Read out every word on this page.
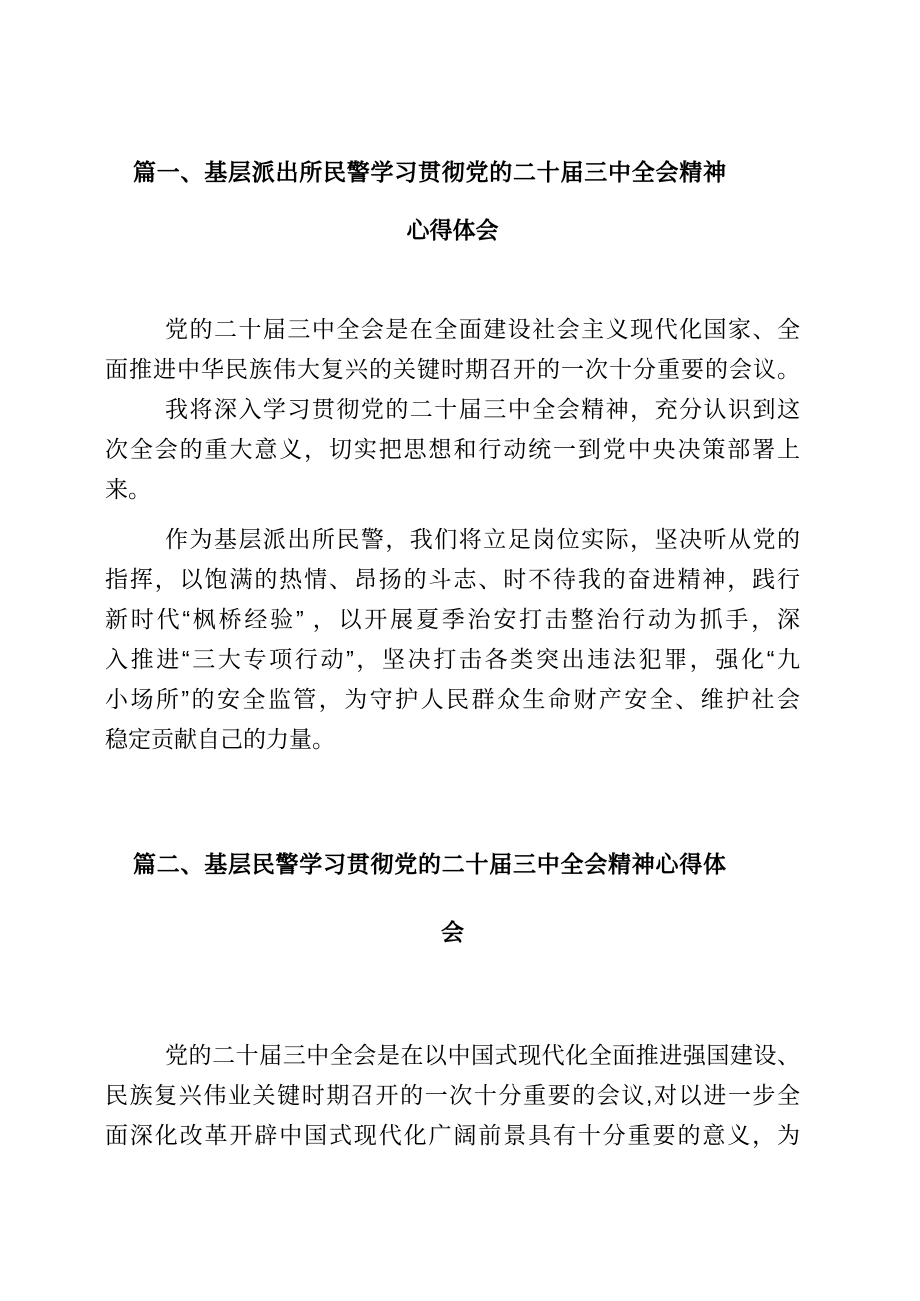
篇一、基层派出所民警学习贯彻党的二十届三中全会精神
心得体会
党的二十届三中全会是在全面建设社会主义现代化国家、全
面推进中华民族伟大复兴的关键时期召开的一次十分重要的会议。
我将深入学习贯彻党的二十届三中全会精神，充分认识到这
次全会的重大意义，切实把思想和行动统一到党中央决策部署上
来。
作为基层派出所民警，我们将立足岗位实际，坚决听从党的
指挥，以饱满的热情、昂扬的斗志、时不待我的奋进精神，践行
新时代“枫桥经验” ，以开展夏季治安打击整治行动为抓手，深
入推进“三大专项行动”，坚决打击各类突出违法犯罪，强化“九
小场所”的安全监管，为守护人民群众生命财产安全、维护社会
稳定贡献自己的力量。
篇二、基层民警学习贯彻党的二十届三中全会精神心得体
会
党的二十届三中全会是在以中国式现代化全面推进强国建设、
民族复兴伟业关键时期召开的一次十分重要的会议,对以进一步全
面深化改革开辟中国式现代化广阔前景具有十分重要的意义，为
